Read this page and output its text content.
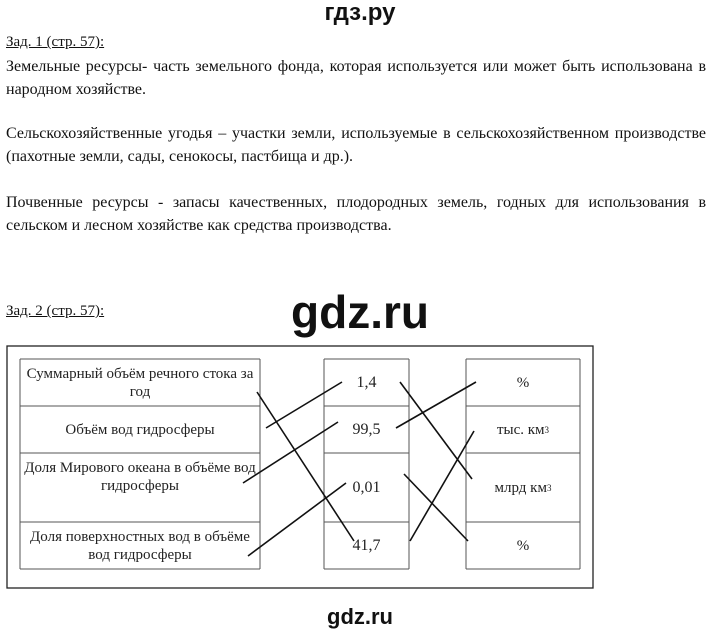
гдз.ру
Зад. 1 (стр. 57):
Земельные ресурсы- часть земельного фонда, которая используется или может быть использована в народном хозяйстве.
Сельскохозяйственные угодья – участки земли, используемые в сельскохозяйственном производстве (пахотные земли, сады, сенокосы, пастбища и др.).
Почвенные ресурсы - запасы качественных, плодородных земель, годных для использования в сельском и лесном хозяйстве как средства производства.
Зад. 2 (стр. 57):	gdz.ru
Суммарный объём речного стока за год
Объём вод гидросферы
Доля Мирового океана в объёме вод гидросферы
Доля поверхностных вод в объёме вод гидросферы
1,4
99,5
0,01
41,7
%
тыс. км 3
млрд км 3
%
gdz.ru
